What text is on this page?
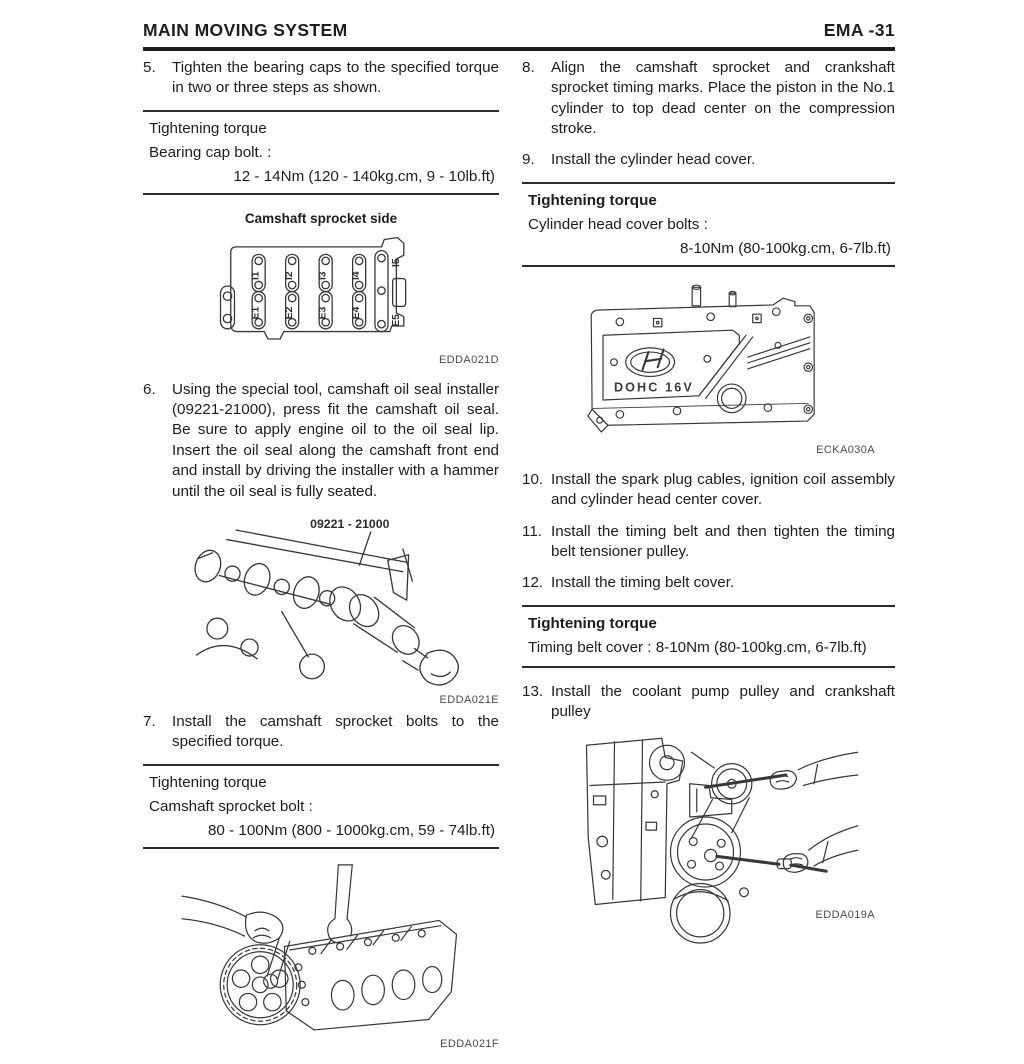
MAIN MOVING SYSTEM	EMA -31
5.	Tighten the bearing caps to the specified torque in two or three steps as shown.
Tightening torque
Bearing cap bolt. :
12 - 14Nm (120 - 140kg.cm, 9 - 10lb.ft)
Camshaft sprocket side
I1 I2 I3 I4
I5
E1 E2 E3 E4
E5
EDDA021D
6.	Using the special tool, camshaft oil seal installer (09221-21000), press fit the camshaft oil seal. Be sure to apply engine oil to the oil seal lip. Insert the oil seal along the camshaft front end and install by driving the installer with a hammer until the oil seal is fully seated.
09221 - 21000
EDDA021E
7.	Install the camshaft sprocket bolts to the specified torque.
Tightening torque
Camshaft sprocket bolt :
80 - 100Nm (800 - 1000kg.cm, 59 - 74lb.ft)
EDDA021F
8.	Align the camshaft sprocket and crankshaft sprocket timing marks. Place the piston in the No.1 cylinder to top dead center on the compression stroke.
9.	Install the cylinder head cover.
Tightening torque
Cylinder head cover bolts :
8-10Nm (80-100kg.cm, 6-7lb.ft)
DOHC 16V
ECKA030A
10. Install the spark plug cables, ignition coil assembly and cylinder head center cover.
11. Install the timing belt and then tighten the timing belt tensioner pulley.
12. Install the timing belt cover.
Tightening torque
Timing belt cover : 8-10Nm (80-100kg.cm, 6-7lb.ft)
13. Install the coolant pump pulley and crankshaft pulley
EDDA019A
